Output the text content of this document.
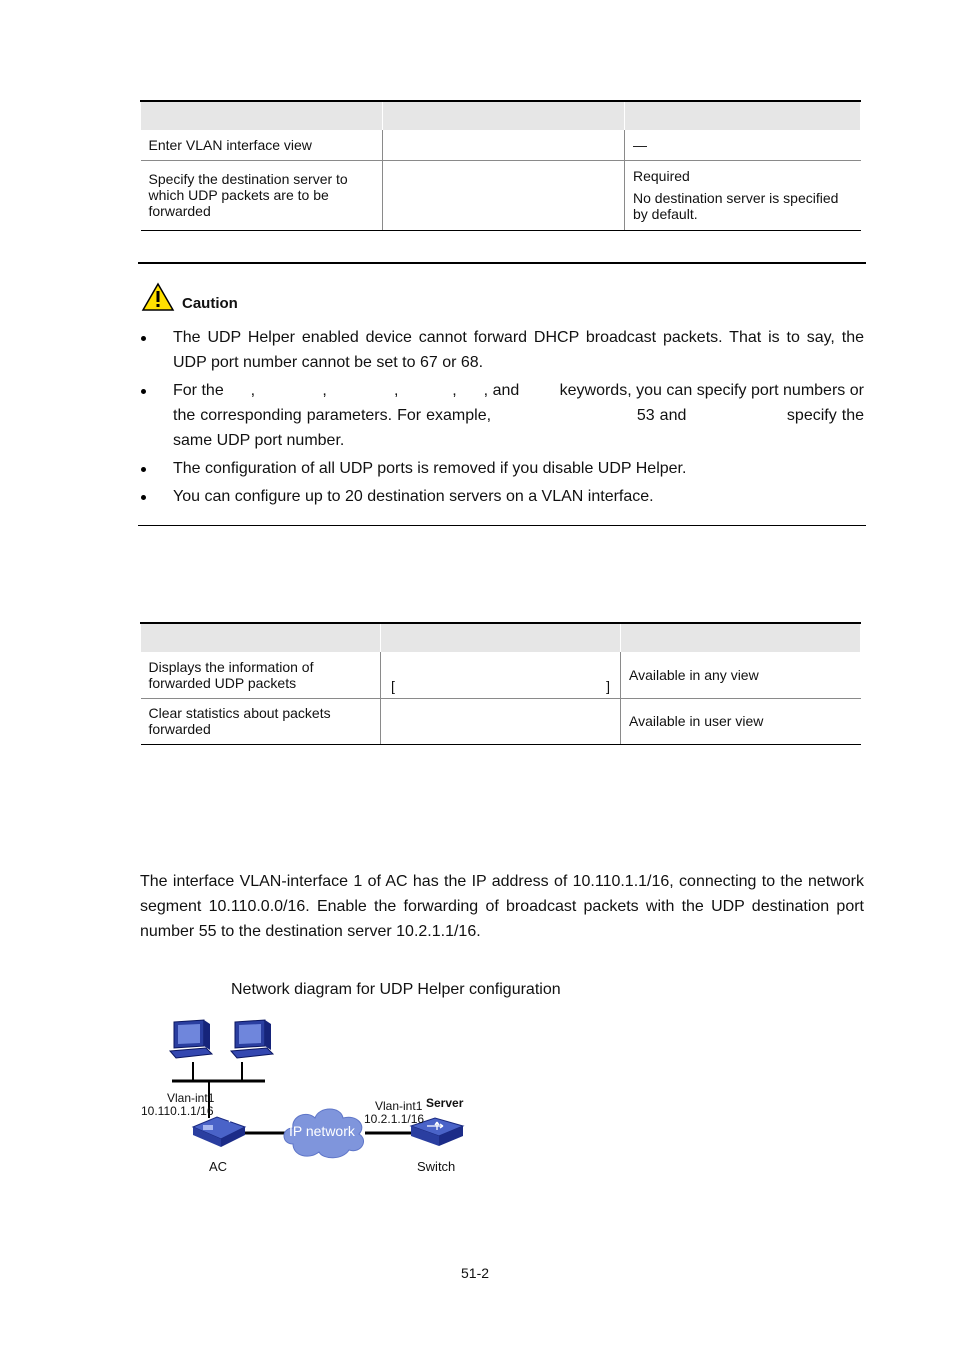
Enter VLAN interface view		—
Specify the destination server to which UDP packets are to be forwarded		Required
No destination server is specified by default.
Caution
The UDP Helper enabled device cannot forward DHCP broadcast packets. That is to say, the UDP port number cannot be set to 67 or 68.
For the      ,               ,               ,            ,      , and         keywords, you can specify port numbers or the corresponding parameters. For example,                             53 and                    specify the same UDP port number.
The configuration of all UDP ports is removed if you disable UDP Helper.
You can configure up to 20 destination servers on a VLAN interface.

Displays the information of forwarded UDP packets	[ ]	Available in any view
Clear statistics about packets forwarded		Available in user view
The interface VLAN-interface 1 of AC has the IP address of 10.110.1.1/16, connecting to the network segment 10.110.0.0/16. Enable the forwarding of broadcast packets with the UDP destination port number 55 to the destination server 10.2.1.1/16.
Network diagram for UDP Helper configuration
IP network
Vlan-int1
10.110.1.1/16
AC
Vlan-int1 Server
10.2.1.1/16
Switch
51-2
